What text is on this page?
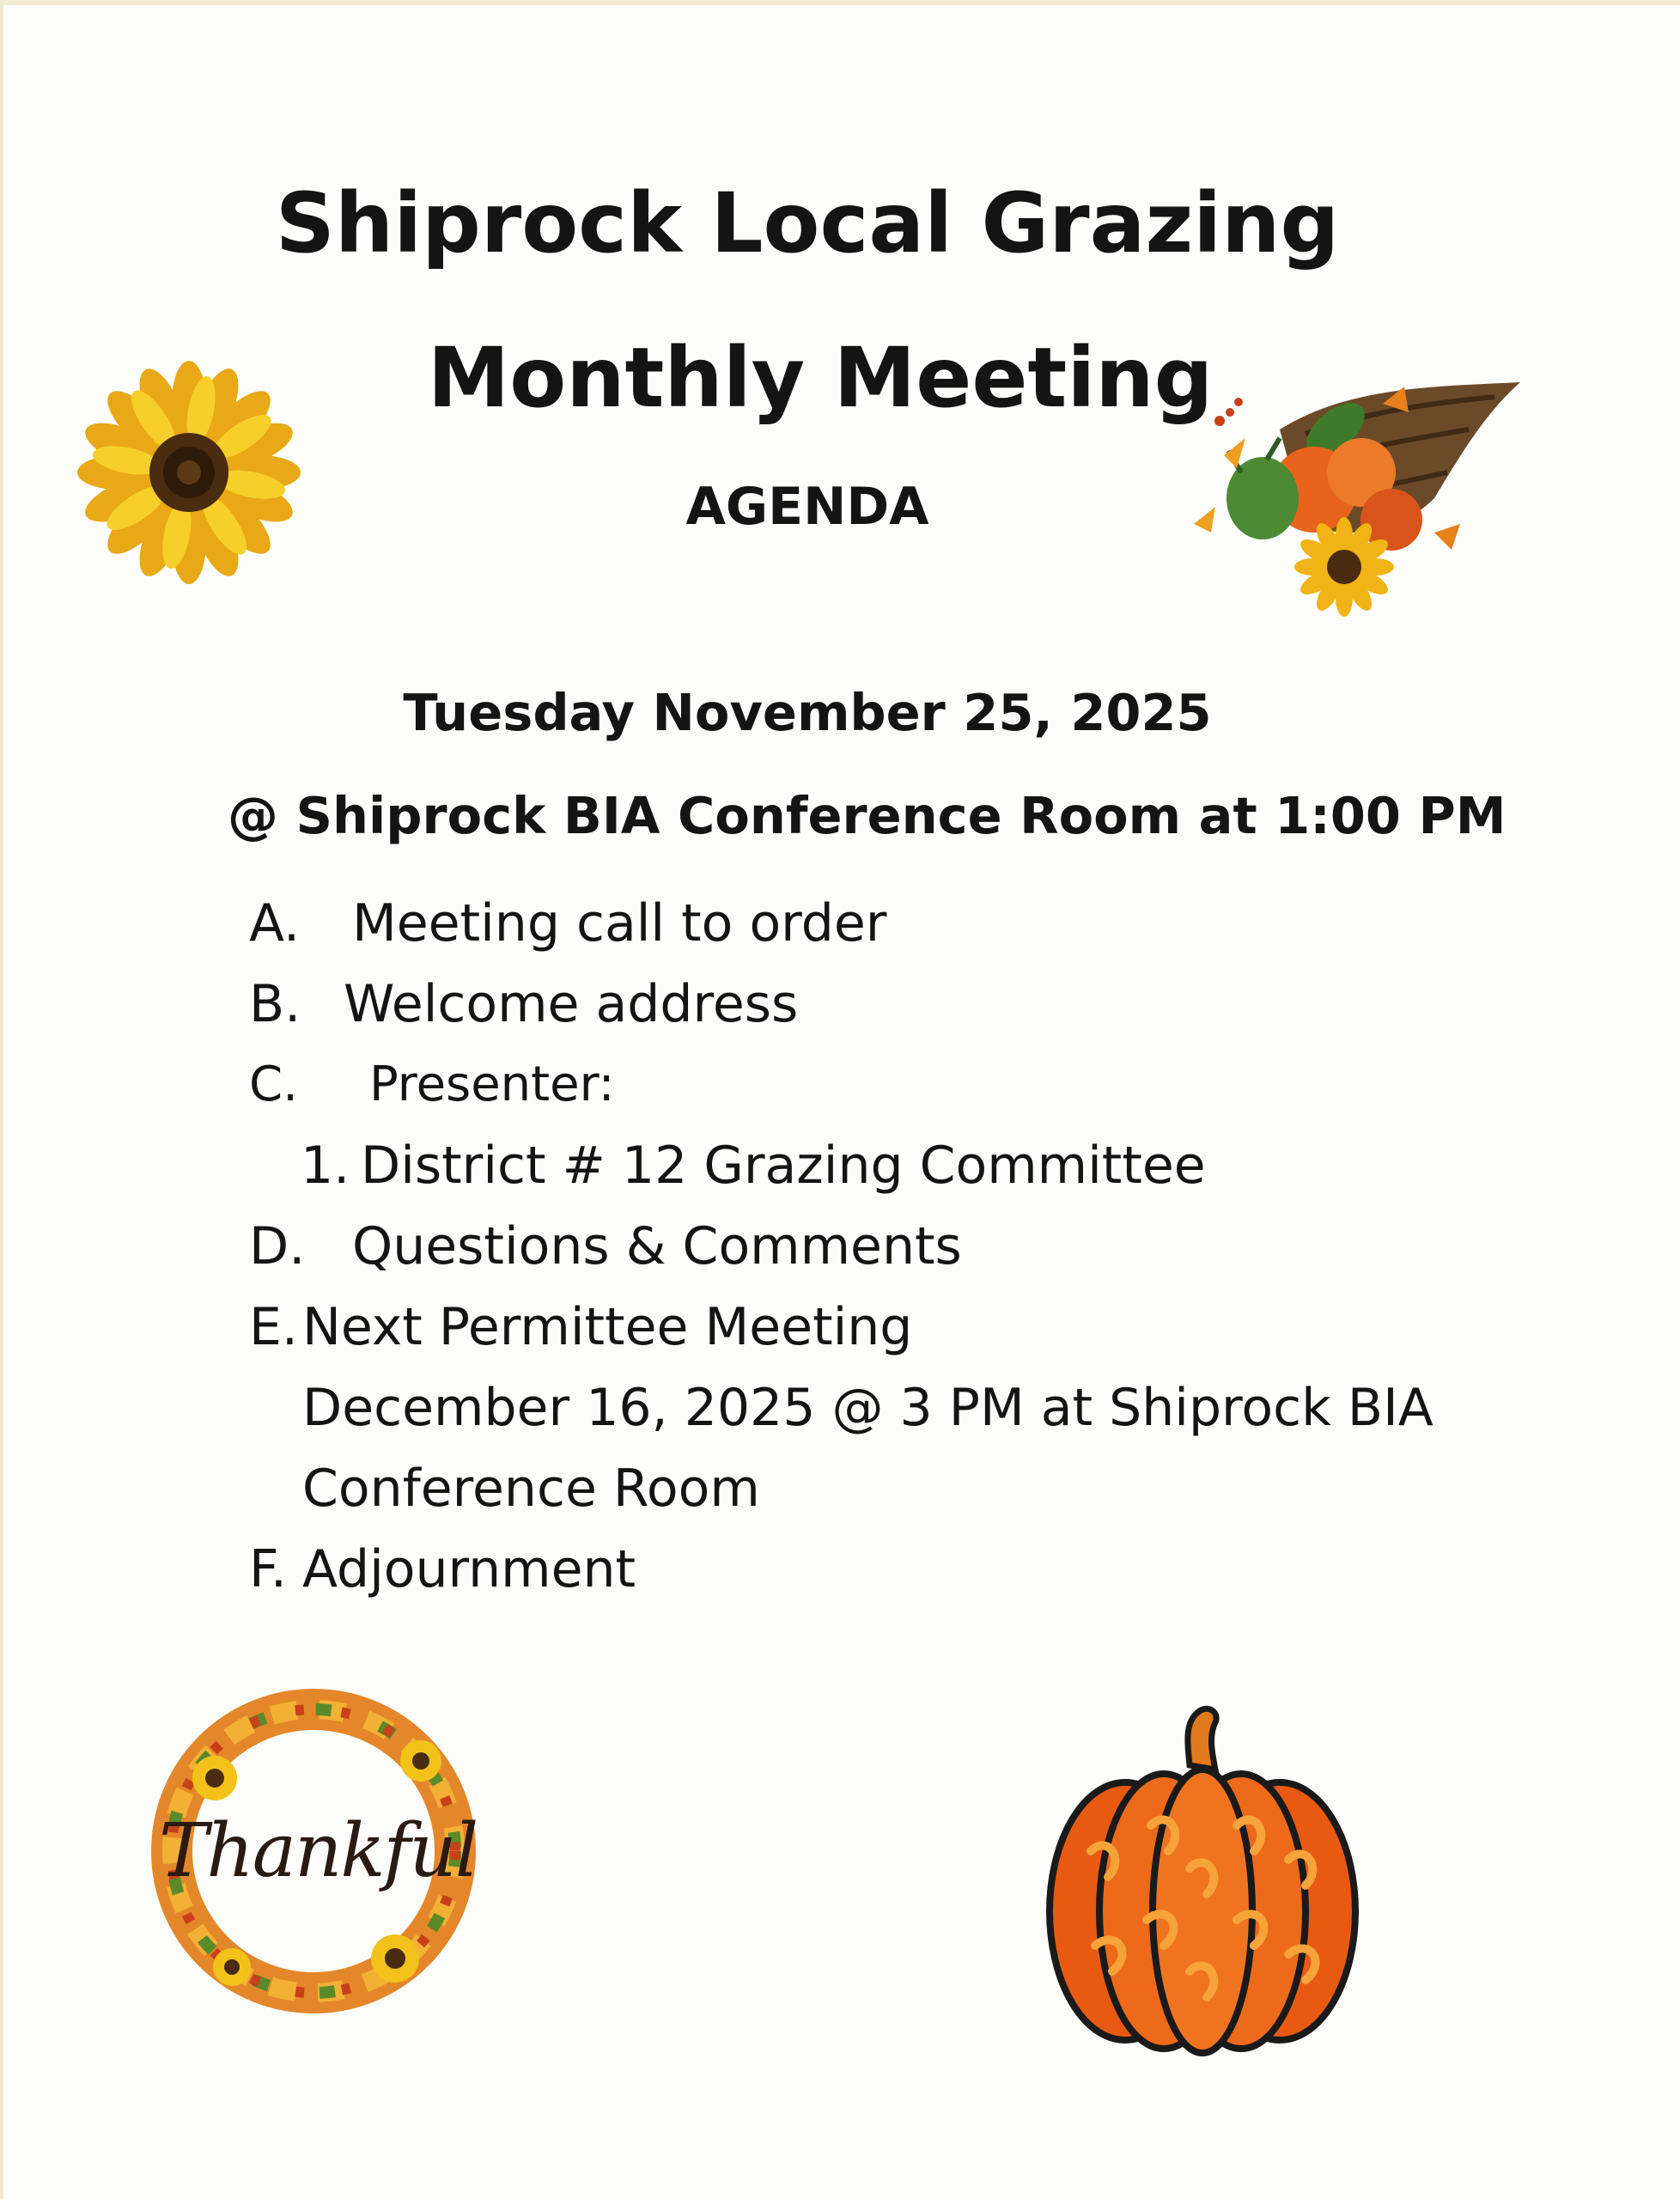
Shiprock Local Grazing
Monthly Meeting
AGENDA
Tuesday November 25, 2025
@ Shiprock BIA Conference Room at 1:00 PM
A. Meeting call to order
B. Welcome address
C. Presenter:
1. District # 12 Grazing Committee
D. Questions & Comments
E. Next Permittee Meeting
December 16, 2025 @ 3 PM at Shiprock BIA
Conference Room
F. Adjournment
Thankful
